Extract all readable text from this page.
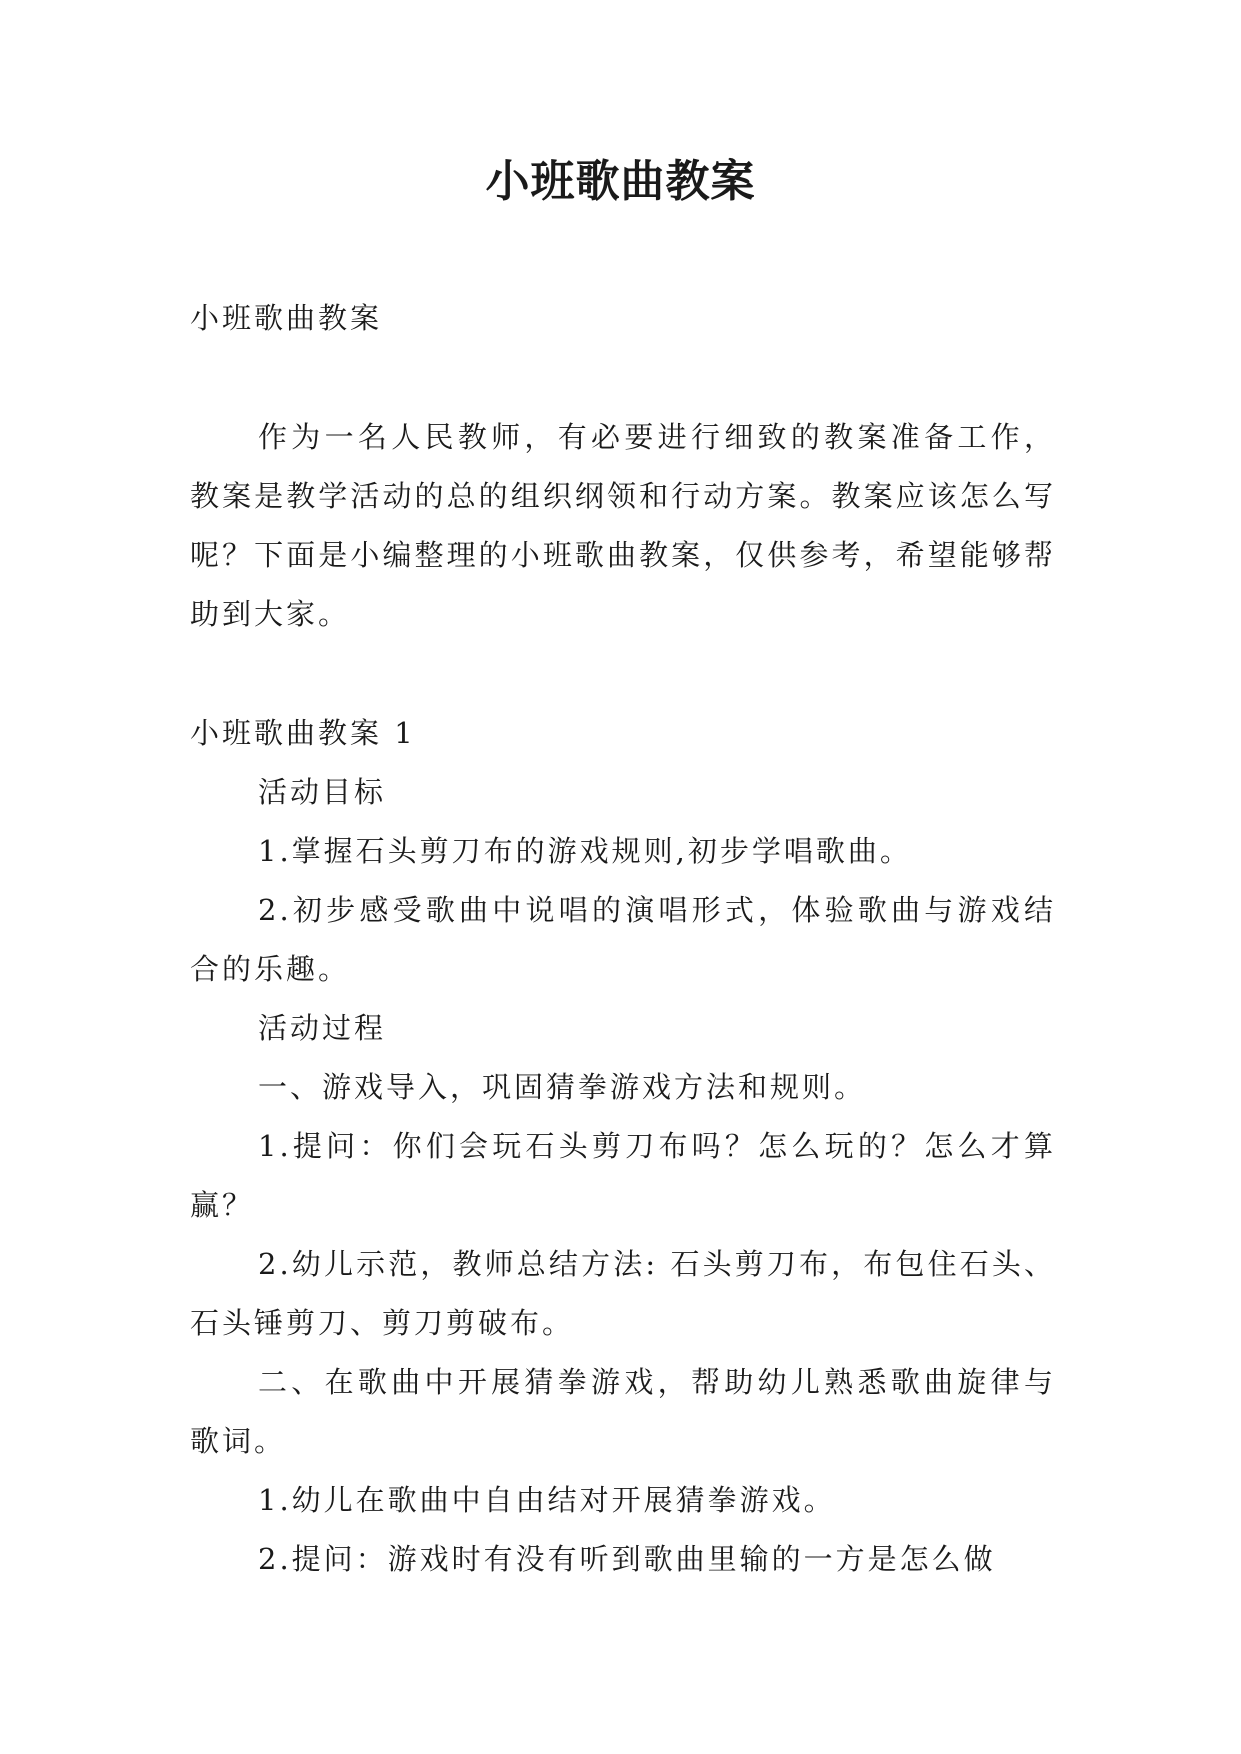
小班歌曲教案

小班歌曲教案

作为一名人民教师，有必要进行细致的教案准备工作，教案是教学活动的总的组织纲领和行动方案。教案应该怎么写呢？下面是小编整理的小班歌曲教案，仅供参考，希望能够帮助到大家。

小班歌曲教案 1

活动目标

1.掌握石头剪刀布的游戏规则,初步学唱歌曲。

2.初步感受歌曲中说唱的演唱形式，体验歌曲与游戏结合的乐趣。

活动过程

一、游戏导入，巩固猜拳游戏方法和规则。

1.提问：你们会玩石头剪刀布吗？怎么玩的？怎么才算赢？

2.幼儿示范，教师总结方法: 石头剪刀布，布包住石头、石头锤剪刀、剪刀剪破布。

二、在歌曲中开展猜拳游戏，帮助幼儿熟悉歌曲旋律与歌词。

1.幼儿在歌曲中自由结对开展猜拳游戏。

2.提问：游戏时有没有听到歌曲里输的一方是怎么做
